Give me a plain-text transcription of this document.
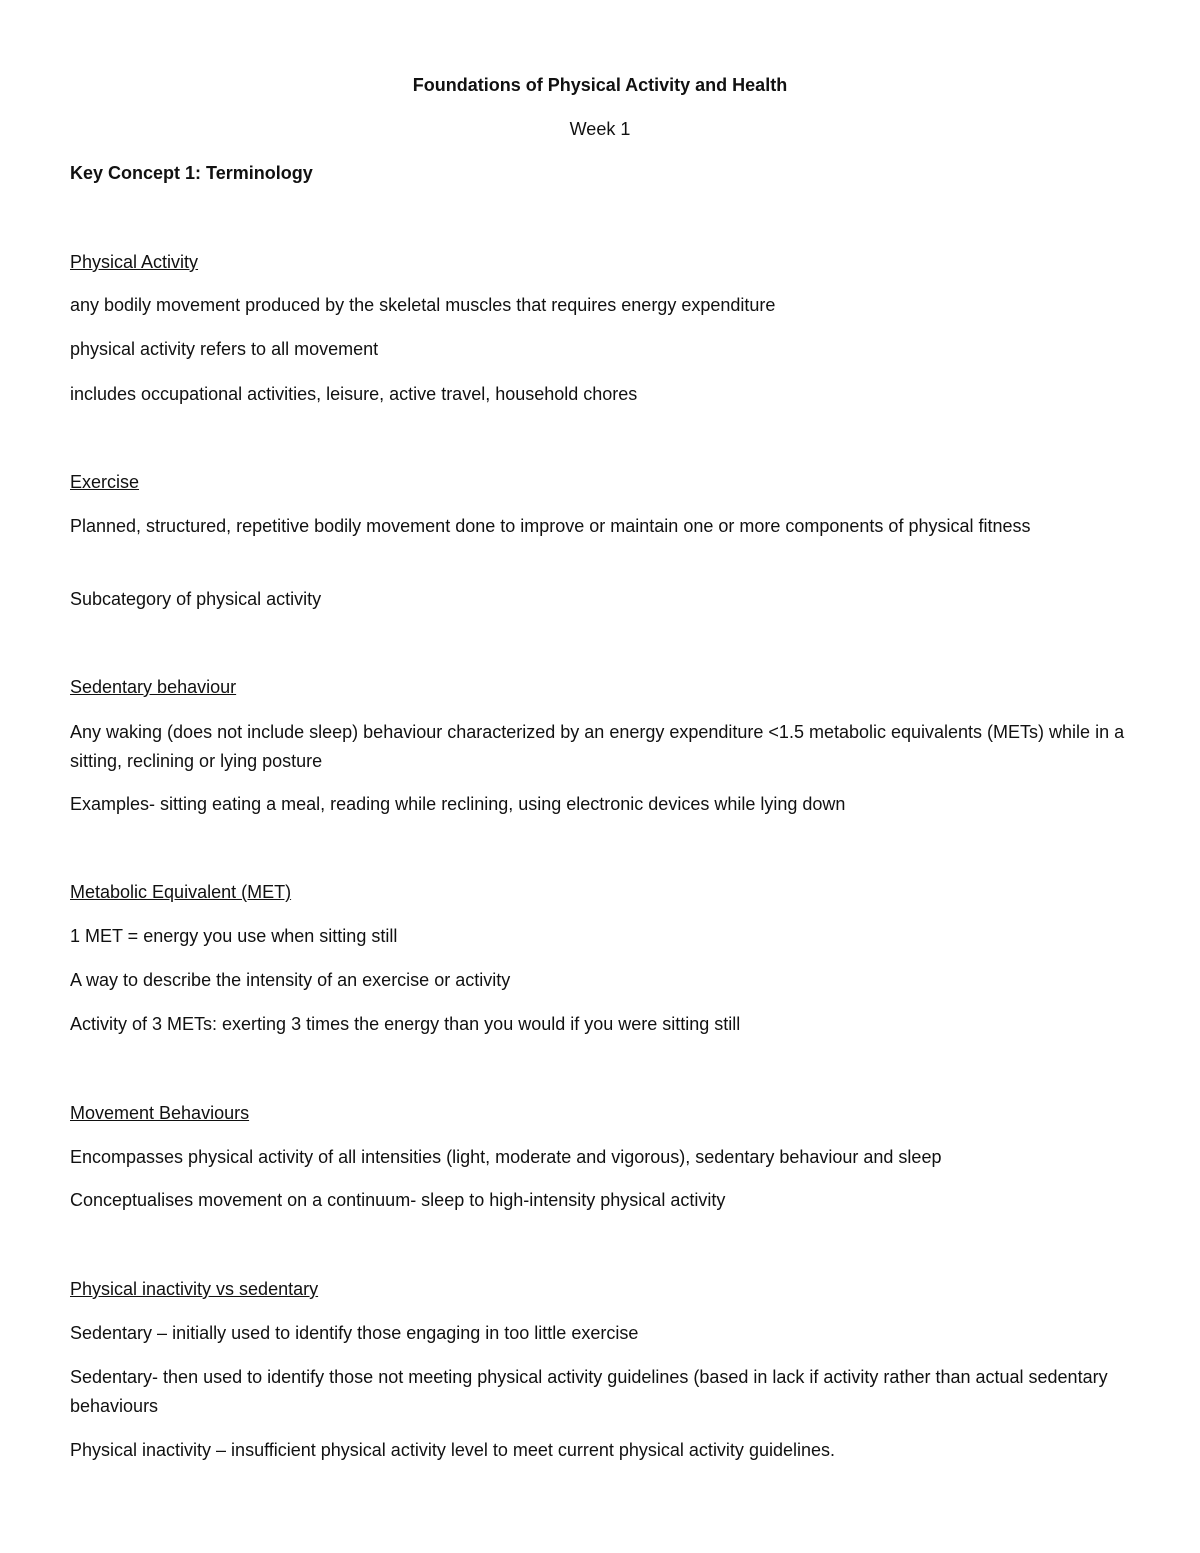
Foundations of Physical Activity and Health

Week 1

Key Concept 1: Terminology

Physical Activity

any bodily movement produced by the skeletal muscles that requires energy expenditure

physical activity refers to all movement

includes occupational activities, leisure, active travel, household chores

Exercise

Planned, structured, repetitive bodily movement done to improve or maintain one or more components of physical fitness

Subcategory of physical activity

Sedentary behaviour

Any waking (does not include sleep) behaviour characterized by an energy expenditure <1.5 metabolic equivalents (METs) while in a sitting, reclining or lying posture

Examples- sitting eating a meal, reading while reclining, using electronic devices while lying down

Metabolic Equivalent (MET)

1 MET = energy you use when sitting still

A way to describe the intensity of an exercise or activity

Activity of 3 METs: exerting 3 times the energy than you would if you were sitting still

Movement Behaviours

Encompasses physical activity of all intensities (light, moderate and vigorous), sedentary behaviour and sleep

Conceptualises movement on a continuum- sleep to high-intensity physical activity

Physical inactivity vs sedentary

Sedentary – initially used to identify those engaging in too little exercise

Sedentary- then used to identify those not meeting physical activity guidelines (based in lack if activity rather than actual sedentary behaviours

Physical inactivity – insufficient physical activity level to meet current physical activity guidelines.
